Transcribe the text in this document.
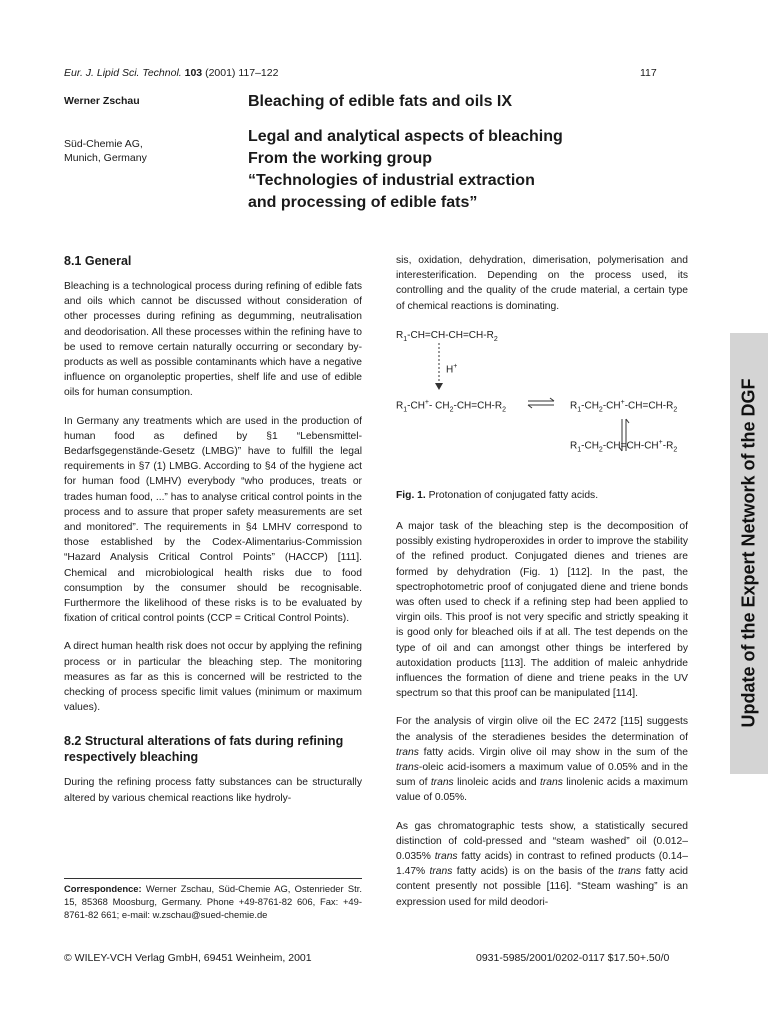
Eur. J. Lipid Sci. Technol. 103 (2001) 117–122	117
Werner Zschau
Süd-Chemie AG,
Munich, Germany
Bleaching of edible fats and oils IX
Legal and analytical aspects of bleaching
From the working group
“Technologies of industrial extraction
and processing of edible fats”
8.1 General

Bleaching is a technological process during refining of edible fats and oils which cannot be discussed without consideration of other processes during refining as degumming, neutralisation and deodorisation. All these processes within the refining have to be used to remove certain naturally occurring or secondary by-products as well as possible contaminants which have a negative influence on organoleptic properties, shelf life and use of edible oils for human consumption.

In Germany any treatments which are used in the production of human food as defined by §1 “Lebensmittel-Bedarfsgegenstände-Gesetz (LMBG)” have to fulfill the legal requirements in §7 (1) LMBG. According to §4 of the hygiene act for human food (LMHV) everybody “who produces, treats or trades human food, ...” has to analyse critical control points in the process and to assure that proper safety measurements are set and monitored”. The requirements in §4 LMHV correspond to those established by the Codex-Alimentarius-Commission “Hazard Analysis Critical Control Points” (HACCP) [111]. Chemical and microbiological health risks due to food consumption by the consumer should be recognisable. Furthermore the likelihood of these risks is to be evaluated by fixation of critical control points (CCP = Critical Control Points).

A direct human health risk does not occur by applying the refining process or in particular the bleaching step. The monitoring measures as far as this is concerned will be restricted to the checking of process specific limit values (minimum or maximum values).

8.2 Structural alterations of fats during refining respectively bleaching

During the refining process fatty substances can be structurally altered by various chemical reactions like hydroly-

Correspondence: Werner Zschau, Süd-Chemie AG, Ostenrieder Str. 15, 85368 Moosburg, Germany. Phone +49-8761-82 606, Fax: +49-8761-82 661; e-mail: w.zschau@sued-chemie.de

sis, oxidation, dehydration, dimerisation, polymerisation and interesterification. Depending on the process used, its controlling and the quality of the crude material, a certain type of chemical reactions is dominating.

$R_1-CH=CH-CH=CH-R_2$
H+
$R_1-CH^+-$ $CH_2-CH=CH-R_2$ ⇌ $R_1-CH_2-CH^+-CH=CH-R_2$
$R_1-CH_2-CH=CH-CH^+-R_2$
Fig. 1. Protonation of conjugated fatty acids.

A major task of the bleaching step is the decomposition of possibly existing hydroperoxides in order to improve the stability of the refined product. Conjugated dienes and trienes are formed by dehydration (Fig. 1) [112]. In the past, the spectrophotometric proof of conjugated diene and triene bonds was often used to check if a refining step had been applied to virgin oils. This proof is not very specific and strictly speaking it is good only for bleached oils if at all. The test depends on the type of oil and can amongst other things be interfered by autoxidation products [113]. The addition of maleic anhydride influences the formation of diene and triene peaks in the UV spectrum so that this proof can be manipulated [114].

For the analysis of virgin olive oil the EC 2472 [115] suggests the analysis of the steradienes besides the determination of trans fatty acids. Virgin olive oil may show in the sum of the trans-oleic acid-isomers a maximum value of 0.05% and in the sum of trans linoleic acids and trans linolenic acids a maximum value of 0.05%.

As gas chromatographic tests show, a statistically secured distinction of cold-pressed and “steam washed” oil (0.012–0.035% trans fatty acids) in contrast to refined products (0.14–1.47% trans fatty acids) is on the basis of the trans fatty acid content presently not possible [116]. “Steam washing” is an expression used for mild deodori-

Update of the Expert Network of the DGF
© WILEY-VCH Verlag GmbH, 69451 Weinheim, 2001	0931-5985/2001/0202-0117 $17.50+.50/0
